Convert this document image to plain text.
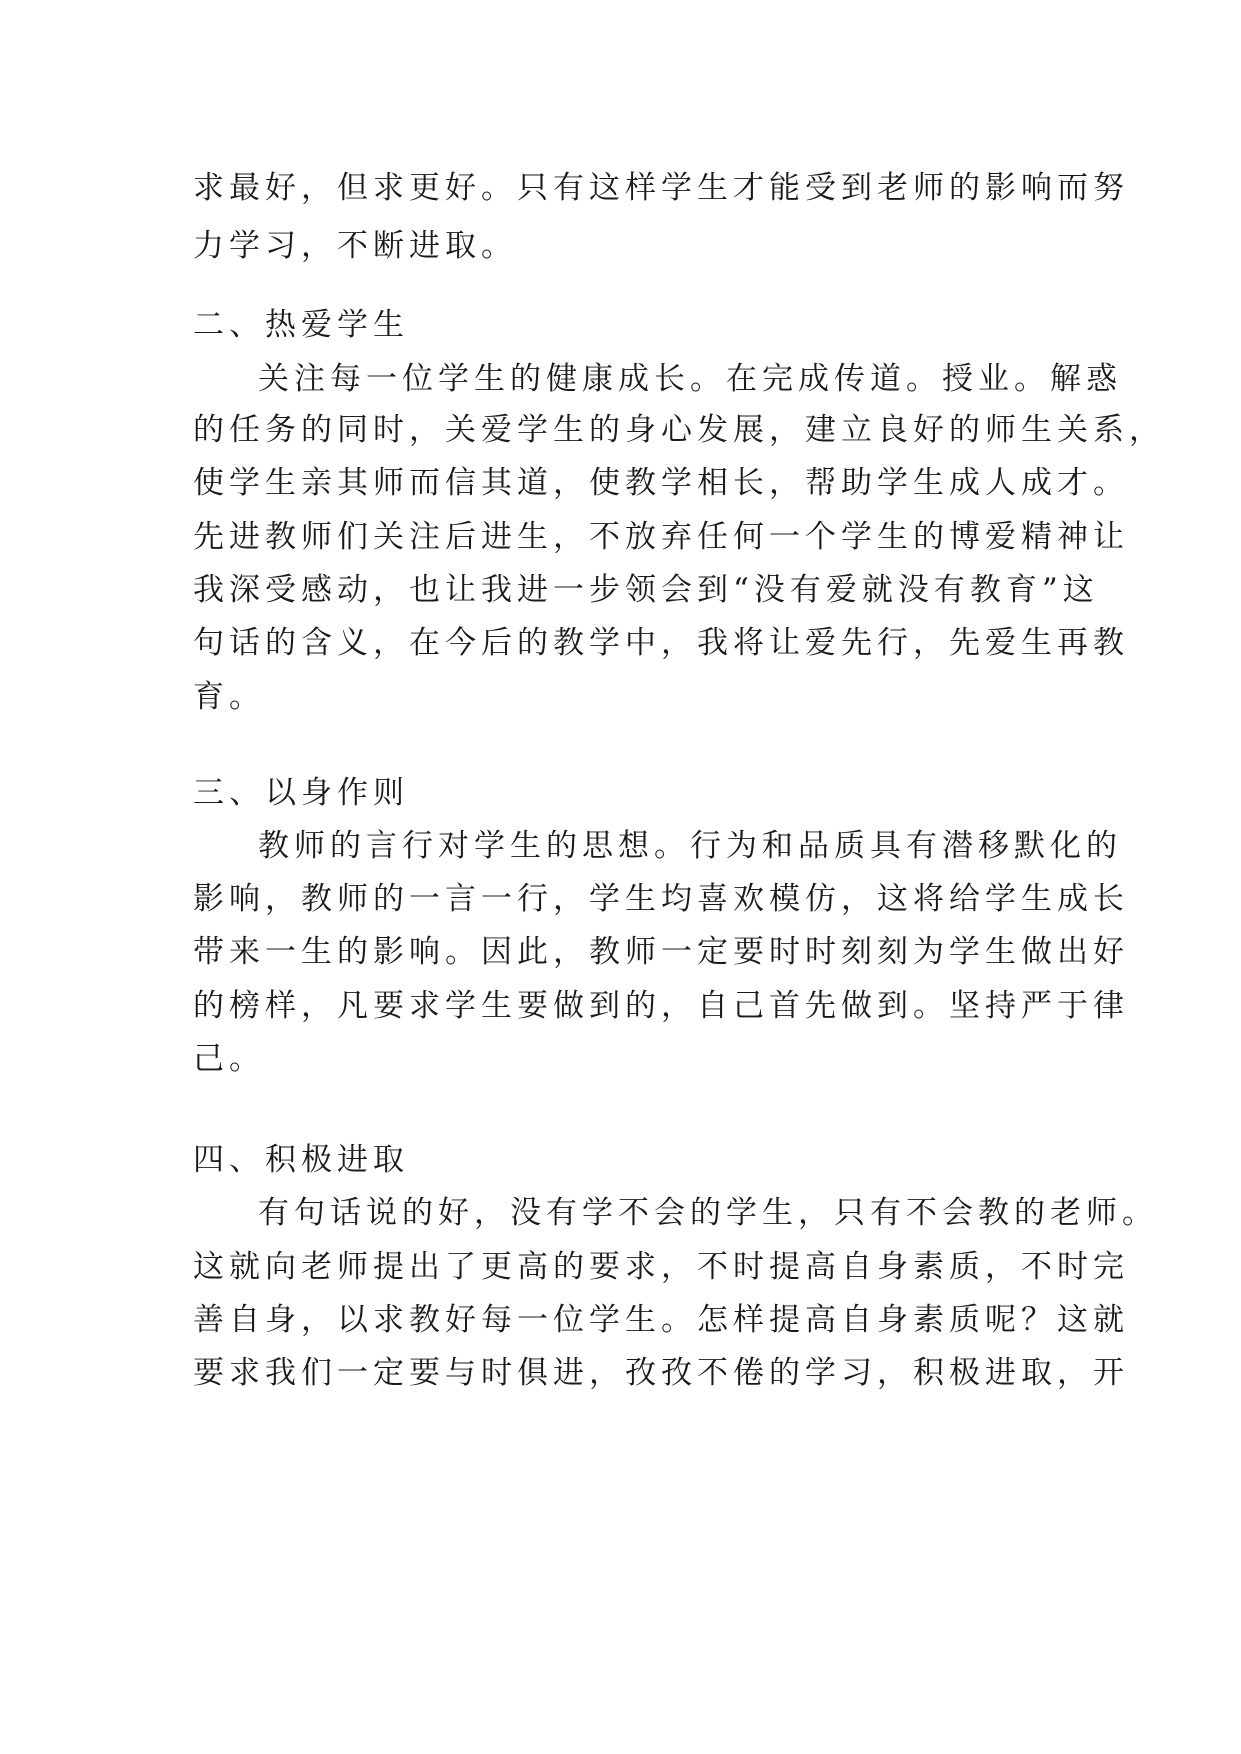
求最好，但求更好。只有这样学生才能受到老师的影响而努
力学习，不断进取。
二、热爱学生
关注每一位学生的健康成长。在完成传道。授业。解惑
的任务的同时，关爱学生的身心发展，建立良好的师生关系，
使学生亲其师而信其道，使教学相长，帮助学生成人成才。
先进教师们关注后进生，不放弃任何一个学生的博爱精神让
我深受感动，也让我进一步领会到“没有爱就没有教育”这
句话的含义，在今后的教学中，我将让爱先行，先爱生再教
育。
三、以身作则
教师的言行对学生的思想。行为和品质具有潜移默化的
影响，教师的一言一行，学生均喜欢模仿，这将给学生成长
带来一生的影响。因此，教师一定要时时刻刻为学生做出好
的榜样，凡要求学生要做到的，自己首先做到。坚持严于律
己。
四、积极进取
有句话说的好，没有学不会的学生，只有不会教的老师。
这就向老师提出了更高的要求，不时提高自身素质，不时完
善自身，以求教好每一位学生。怎样提高自身素质呢？这就
要求我们一定要与时俱进，孜孜不倦的学习，积极进取，开
